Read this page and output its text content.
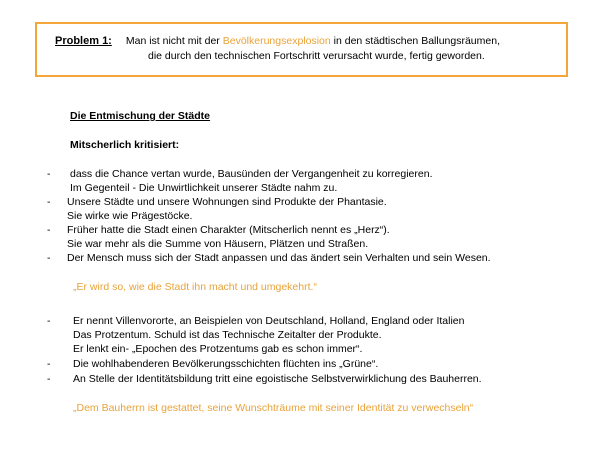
Problem 1: Man ist nicht mit der Bevölkerungsexplosion in den städtischen Ballungsräumen,
die durch den technischen Fortschritt verursacht wurde, fertig geworden.
Die Entmischung der Städte
Mitscherlich kritisiert:
- dass die Chance vertan wurde, Bausünden der Vergangenheit zu korregieren.
Im Gegenteil - Die Unwirtlichkeit unserer Städte nahm zu.
- Unsere Städte und unsere Wohnungen sind Produkte der Phantasie.
Sie wirke wie Prägestöcke.
- Früher hatte die Stadt einen Charakter (Mitscherlich nennt es „Herz“).
Sie war mehr als die Summe von Häusern, Plätzen und Straßen.
- Der Mensch muss sich der Stadt anpassen und das ändert sein Verhalten und sein Wesen.
„Er wird so, wie die Stadt ihn macht und umgekehrt.“
- Er nennt Villenvororte, an Beispielen von Deutschland, Holland, England oder Italien
Das Protzentum. Schuld ist das Technische Zeitalter der Produkte.
Er lenkt ein- „Epochen des Protzentums gab es schon immer“.
- Die wohlhabenderen Bevölkerungsschichten flüchten ins „Grüne“.
- An Stelle der Identitätsbildung tritt eine egoistische Selbstverwirklichung des Bauherren.
„Dem Bauherrn ist gestattet, seine Wunschträume mit seiner Identität zu verwechseln“
